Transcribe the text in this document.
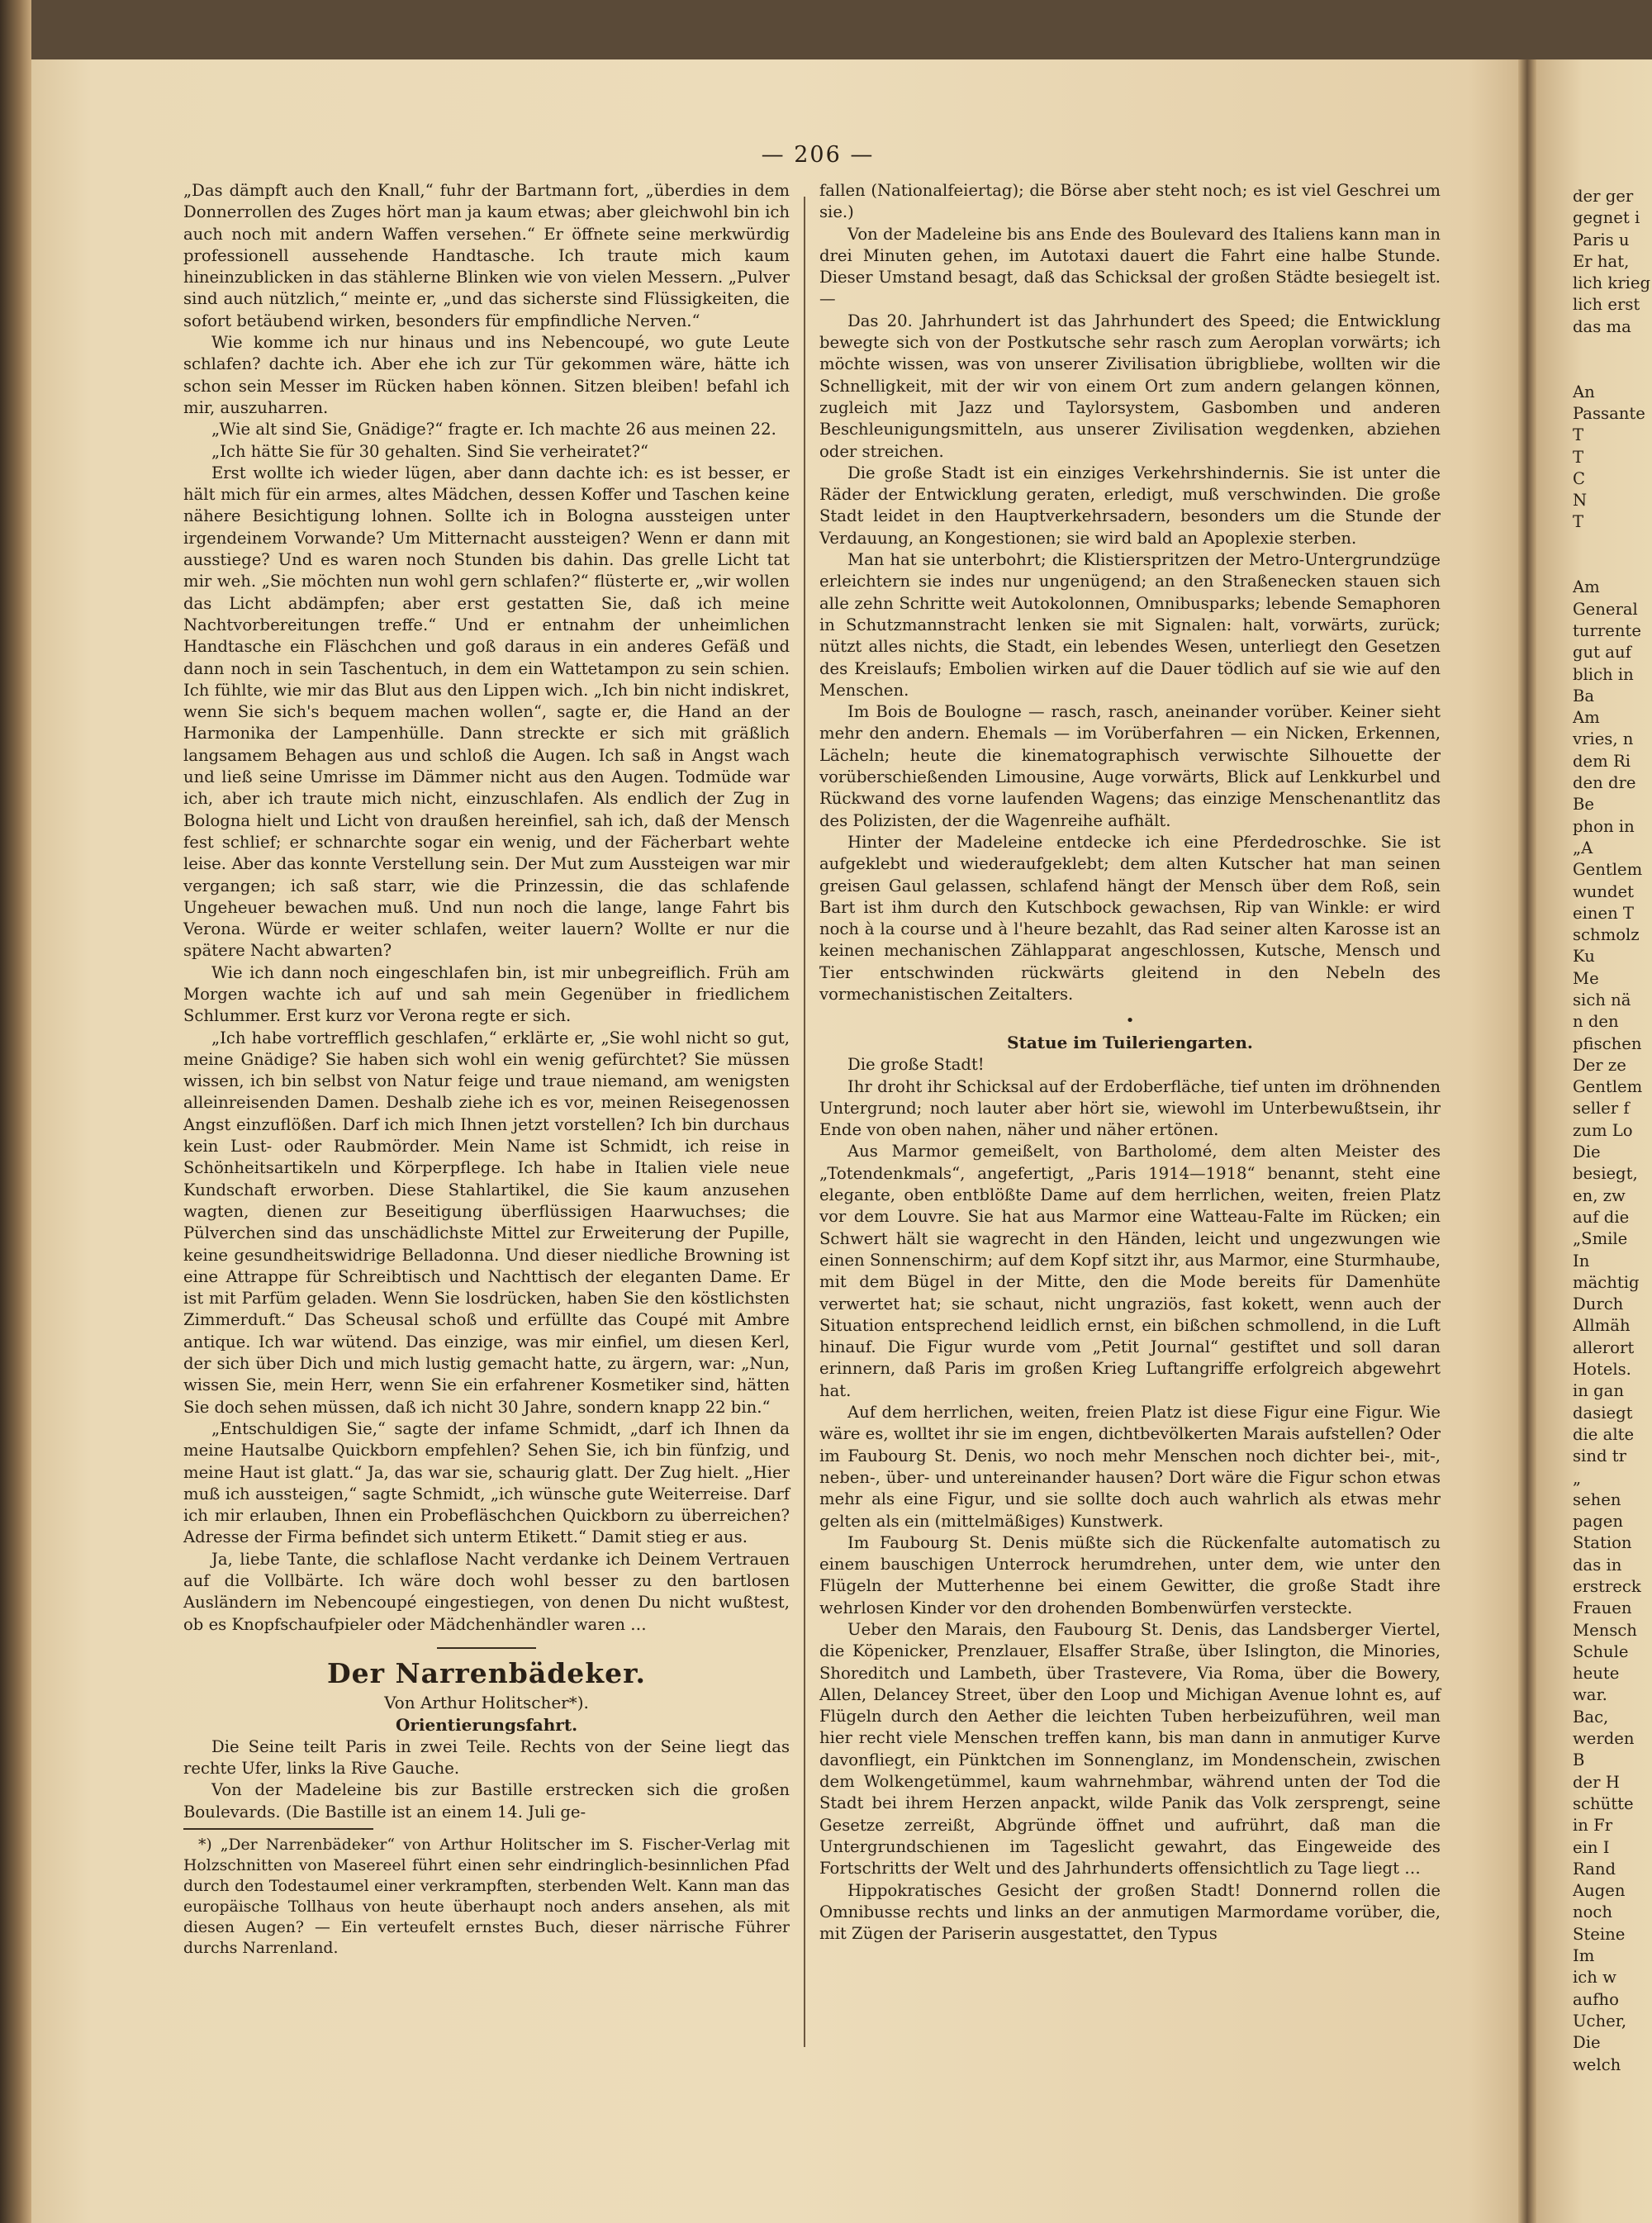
— 206 —

„Das dämpft auch den Knall,“ fuhr der Bartmann fort, „überdies in dem Donnerrollen des Zuges hört man ja kaum etwas; aber gleichwohl bin ich auch noch mit andern Waffen versehen.“ Er öffnete seine merkwürdig professionell aussehende Handtasche. Ich traute mich kaum hineinzublicken in das stählerne Blinken wie von vielen Messern. „Pulver sind auch nützlich,“ meinte er, „und das sicherste sind Flüssigkeiten, die sofort betäubend wirken, besonders für empfindliche Nerven.“

Wie komme ich nur hinaus und ins Nebencoupé, wo gute Leute schlafen? dachte ich. Aber ehe ich zur Tür gekommen wäre, hätte ich schon sein Messer im Rücken haben können. Sitzen bleiben! befahl ich mir, auszuharren.

„Wie alt sind Sie, Gnädige?“ fragte er. Ich machte 26 aus meinen 22.

„Ich hätte Sie für 30 gehalten. Sind Sie verheiratet?“

Erst wollte ich wieder lügen, aber dann dachte ich: es ist besser, er hält mich für ein armes, altes Mädchen, dessen Koffer und Taschen keine nähere Besichtigung lohnen. Sollte ich in Bologna aussteigen unter irgendeinem Vorwande? Um Mitternacht aussteigen? Wenn er dann mit ausstiege? Und es waren noch Stunden bis dahin. Das grelle Licht tat mir weh. „Sie möchten nun wohl gern schlafen?“ flüsterte er, „wir wollen das Licht abdämpfen; aber erst gestatten Sie, daß ich meine Nachtvorbereitungen treffe.“ Und er entnahm der unheimlichen Handtasche ein Fläschchen und goß daraus in ein anderes Gefäß und dann noch in sein Taschentuch, in dem ein Wattetampon zu sein schien. Ich fühlte, wie mir das Blut aus den Lippen wich. „Ich bin nicht indiskret, wenn Sie sich's bequem machen wollen“, sagte er, die Hand an der Harmonika der Lampenhülle. Dann streckte er sich mit gräßlich langsamem Behagen aus und schloß die Augen. Ich saß in Angst wach und ließ seine Umrisse im Dämmer nicht aus den Augen. Todmüde war ich, aber ich traute mich nicht, einzuschlafen. Als endlich der Zug in Bologna hielt und Licht von draußen hereinfiel, sah ich, daß der Mensch fest schlief; er schnarchte sogar ein wenig, und der Fächerbart wehte leise. Aber das konnte Verstellung sein. Der Mut zum Aussteigen war mir vergangen; ich saß starr, wie die Prinzessin, die das schlafende Ungeheuer bewachen muß. Und nun noch die lange, lange Fahrt bis Verona. Würde er weiter schlafen, weiter lauern? Wollte er nur die spätere Nacht abwarten?

Wie ich dann noch eingeschlafen bin, ist mir unbegreiflich. Früh am Morgen wachte ich auf und sah mein Gegenüber in friedlichem Schlummer. Erst kurz vor Verona regte er sich.

„Ich habe vortrefflich geschlafen,“ erklärte er, „Sie wohl nicht so gut, meine Gnädige? Sie haben sich wohl ein wenig gefürchtet? Sie müssen wissen, ich bin selbst von Natur feige und traue niemand, am wenigsten alleinreisenden Damen. Deshalb ziehe ich es vor, meinen Reisegenossen Angst einzuflößen. Darf ich mich Ihnen jetzt vorstellen? Ich bin durchaus kein Lust- oder Raubmörder. Mein Name ist Schmidt, ich reise in Schönheitsartikeln und Körperpflege. Ich habe in Italien viele neue Kundschaft erworben. Diese Stahlartikel, die Sie kaum anzusehen wagten, dienen zur Beseitigung überflüssigen Haarwuchses; die Pülverchen sind das unschädlichste Mittel zur Erweiterung der Pupille, keine gesundheitswidrige Belladonna. Und dieser niedliche Browning ist eine Attrappe für Schreibtisch und Nachttisch der eleganten Dame. Er ist mit Parfüm geladen. Wenn Sie losdrücken, haben Sie den köstlichsten Zimmerduft.“ Das Scheusal schoß und erfüllte das Coupé mit Ambre antique. Ich war wütend. Das einzige, was mir einfiel, um diesen Kerl, der sich über Dich und mich lustig gemacht hatte, zu ärgern, war: „Nun, wissen Sie, mein Herr, wenn Sie ein erfahrener Kosmetiker sind, hätten Sie doch sehen müssen, daß ich nicht 30 Jahre, sondern knapp 22 bin.“

„Entschuldigen Sie,“ sagte der infame Schmidt, „darf ich Ihnen da meine Hautsalbe Quickborn empfehlen? Sehen Sie, ich bin fünfzig, und meine Haut ist glatt.“ Ja, das war sie, schaurig glatt. Der Zug hielt. „Hier muß ich aussteigen,“ sagte Schmidt, „ich wünsche gute Weiterreise. Darf ich mir erlauben, Ihnen ein Probefläschchen Quickborn zu überreichen? Adresse der Firma befindet sich unterm Etikett.“ Damit stieg er aus.

Ja, liebe Tante, die schlaflose Nacht verdanke ich Deinem Vertrauen auf die Vollbärte. Ich wäre doch wohl besser zu den bartlosen Ausländern im Nebencoupé eingestiegen, von denen Du nicht wußtest, ob es Knopfschaufpieler oder Mädchenhändler waren …

Der Narrenbädeker.
Von Arthur Holitscher*).
Orientierungsfahrt.

Die Seine teilt Paris in zwei Teile. Rechts von der Seine liegt das rechte Ufer, links la Rive Gauche.

Von der Madeleine bis zur Bastille erstrecken sich die großen Boulevards. (Die Bastille ist an einem 14. Juli ge-

*) „Der Narrenbädeker“ von Arthur Holitscher im S. Fischer-Verlag mit Holzschnitten von Masereel führt einen sehr eindringlich-besinnlichen Pfad durch den Todestaumel einer verkrampften, sterbenden Welt. Kann man das europäische Tollhaus von heute überhaupt noch anders ansehen, als mit diesen Augen? — Ein verteufelt ernstes Buch, dieser närrische Führer durchs Narrenland.

fallen (Nationalfeiertag); die Börse aber steht noch; es ist viel Geschrei um sie.)

Von der Madeleine bis ans Ende des Boulevard des Italiens kann man in drei Minuten gehen, im Autotaxi dauert die Fahrt eine halbe Stunde. Dieser Umstand besagt, daß das Schicksal der großen Städte besiegelt ist. —

Das 20. Jahrhundert ist das Jahrhundert des Speed; die Entwicklung bewegte sich von der Postkutsche sehr rasch zum Aeroplan vorwärts; ich möchte wissen, was von unserer Zivilisation übrigbliebe, wollten wir die Schnelligkeit, mit der wir von einem Ort zum andern gelangen können, zugleich mit Jazz und Taylorsystem, Gasbomben und anderen Beschleunigungsmitteln, aus unserer Zivilisation wegdenken, abziehen oder streichen.

Die große Stadt ist ein einziges Verkehrshindernis. Sie ist unter die Räder der Entwicklung geraten, erledigt, muß verschwinden. Die große Stadt leidet in den Hauptverkehrsadern, besonders um die Stunde der Verdauung, an Kongestionen; sie wird bald an Apoplexie sterben.

Man hat sie unterbohrt; die Klistierspritzen der Metro-Untergrundzüge erleichtern sie indes nur ungenügend; an den Straßenecken stauen sich alle zehn Schritte weit Autokolonnen, Omnibusparks; lebende Semaphoren in Schutzmannstracht lenken sie mit Signalen: halt, vorwärts, zurück; nützt alles nichts, die Stadt, ein lebendes Wesen, unterliegt den Gesetzen des Kreislaufs; Embolien wirken auf die Dauer tödlich auf sie wie auf den Menschen.

Im Bois de Boulogne — rasch, rasch, aneinander vorüber. Keiner sieht mehr den andern. Ehemals — im Vorüberfahren — ein Nicken, Erkennen, Lächeln; heute die kinematographisch verwischte Silhouette der vorüberschießenden Limousine, Auge vorwärts, Blick auf Lenkkurbel und Rückwand des vorne laufenden Wagens; das einzige Menschenantlitz das des Polizisten, der die Wagenreihe aufhält.

Hinter der Madeleine entdecke ich eine Pferdedroschke. Sie ist aufgeklebt und wiederaufgeklebt; dem alten Kutscher hat man seinen greisen Gaul gelassen, schlafend hängt der Mensch über dem Roß, sein Bart ist ihm durch den Kutschbock gewachsen, Rip van Winkle: er wird noch à la course und à l'heure bezahlt, das Rad seiner alten Karosse ist an keinen mechanischen Zählapparat angeschlossen, Kutsche, Mensch und Tier entschwinden rückwärts gleitend in den Nebeln des vormechanistischen Zeitalters.

•
Statue im Tuileriengarten.

Die große Stadt!

Ihr droht ihr Schicksal auf der Erdoberfläche, tief unten im dröhnenden Untergrund; noch lauter aber hört sie, wiewohl im Unterbewußtsein, ihr Ende von oben nahen, näher und näher ertönen.

Aus Marmor gemeißelt, von Bartholomé, dem alten Meister des „Totendenkmals“, angefertigt, „Paris 1914—1918“ benannt, steht eine elegante, oben entblößte Dame auf dem herrlichen, weiten, freien Platz vor dem Louvre. Sie hat aus Marmor eine Watteau-Falte im Rücken; ein Schwert hält sie wagrecht in den Händen, leicht und ungezwungen wie einen Sonnenschirm; auf dem Kopf sitzt ihr, aus Marmor, eine Sturmhaube, mit dem Bügel in der Mitte, den die Mode bereits für Damenhüte verwertet hat; sie schaut, nicht ungraziös, fast kokett, wenn auch der Situation entsprechend leidlich ernst, ein bißchen schmollend, in die Luft hinauf. Die Figur wurde vom „Petit Journal“ gestiftet und soll daran erinnern, daß Paris im großen Krieg Luftangriffe erfolgreich abgewehrt hat.

Auf dem herrlichen, weiten, freien Platz ist diese Figur eine Figur. Wie wäre es, wolltet ihr sie im engen, dichtbevölkerten Marais aufstellen? Oder im Faubourg St. Denis, wo noch mehr Menschen noch dichter bei-, mit-, neben-, über- und untereinander hausen? Dort wäre die Figur schon etwas mehr als eine Figur, und sie sollte doch auch wahrlich als etwas mehr gelten als ein (mittelmäßiges) Kunstwerk.

Im Faubourg St. Denis müßte sich die Rückenfalte automatisch zu einem bauschigen Unterrock herumdrehen, unter dem, wie unter den Flügeln der Mutterhenne bei einem Gewitter, die große Stadt ihre wehrlosen Kinder vor den drohenden Bombenwürfen versteckte.

Ueber den Marais, den Faubourg St. Denis, das Landsberger Viertel, die Köpenicker, Prenzlauer, Elsaffer Straße, über Islington, die Minories, Shoreditch und Lambeth, über Trastevere, Via Roma, über die Bowery, Allen, Delancey Street, über den Loop und Michigan Avenue lohnt es, auf Flügeln durch den Aether die leichten Tuben herbeizuführen, weil man hier recht viele Menschen treffen kann, bis man dann in anmutiger Kurve davonfliegt, ein Pünktchen im Sonnenglanz, im Mondenschein, zwischen dem Wolkengetümmel, kaum wahrnehmbar, während unten der Tod die Stadt bei ihrem Herzen anpackt, wilde Panik das Volk zersprengt, seine Gesetze zerreißt, Abgründe öffnet und aufrührt, daß man die Untergrundschienen im Tageslicht gewahrt, das Eingeweide des Fortschritts der Welt und des Jahrhunderts offensichtlich zu Tage liegt …

Hippokratisches Gesicht der großen Stadt! Donnernd rollen die Omnibusse rechts und links an der anmutigen Marmordame vorüber, die, mit Zügen der Pariserin ausgestattet, den Typus

der ger
gegnet i
Paris u
Er hat,
lich krieg
lich erst
das ma
An
Passante
T
T
C
N
T
Am
General
turrente
gut auf
blich in
Ba
Am
vries, n
dem Ri
den dre
Be
phon in
„A
Gentlem
wundet
einen T
schmolz
Ku
Me
sich nä
n den
pfischen
Der ze
Gentlem
seller f
zum Lo
Die
besiegt,
en, zw
auf die
„Smile
In
mächtig
Durch
Allmäh
allerort
Hotels.
in gan
dasiegt
die alte
sind tr
„
sehen
pagen
Station
das in
erstreck
Frauen
Mensch
Schule
heute
war.
Bac,
werden
B
der H
schütte
in Fr
ein I
Rand
Augen
noch
Steine
Im
ich w
aufho
Ucher,
Die
welch
